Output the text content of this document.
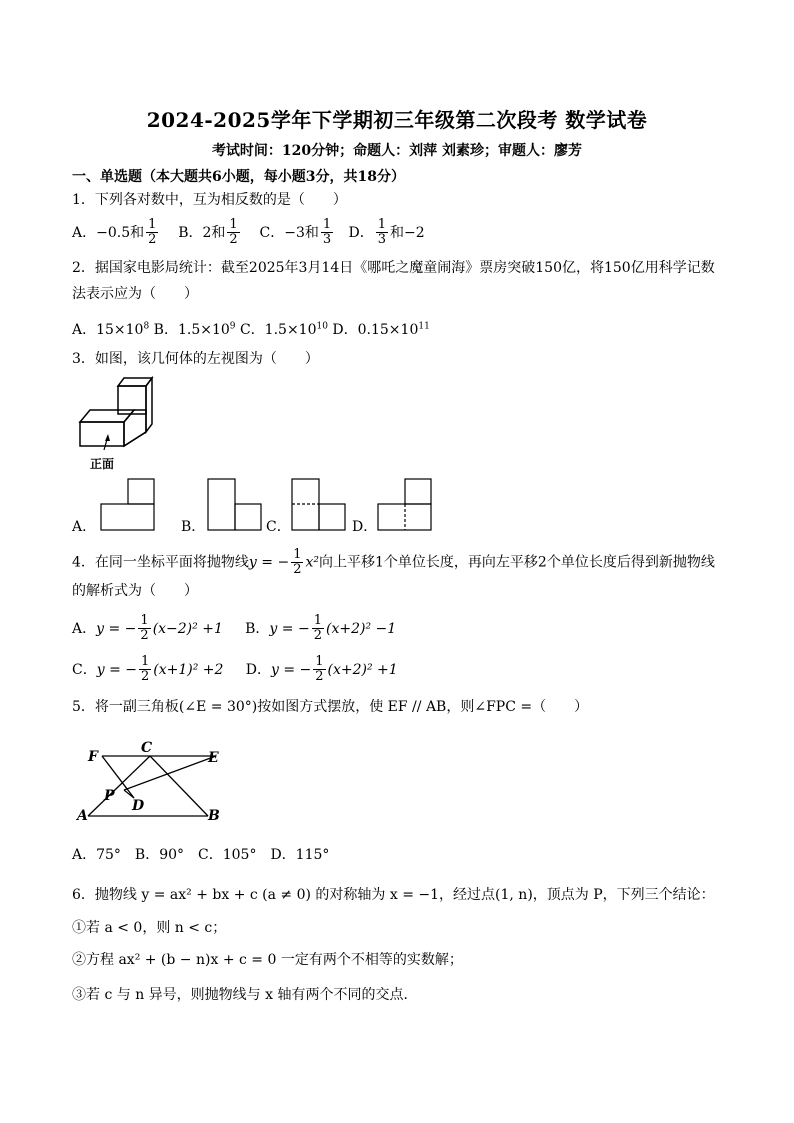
2024-2025学年下学期初三年级第二次段考 数学试卷
考试时间：120分钟；命题人：刘萍 刘素珍；审题人：廖芳
一、单选题（本大题共6小题，每小题3分，共18分）
1．下列各对数中，互为相反数的是（　　）
A．−0.5和 $\frac{1}{2}$ B．2和 $\frac{1}{2}$ C．−3和 $\frac{1}{3}$ D． $\frac{1}{3}$ 和−2
2．据国家电影局统计：截至2025年3月14日《哪吒之魔童闹海》票房突破150亿，将150亿用科学记数
法表示应为（　　）
A．$15\times 10^8$ B．$1.5\times 10^9$ C．$1.5\times 10^{10}$ D．$0.15\times 10^{11}$
3．如图，该几何体的左视图为（　　）
正面
A．	B．	C．	D．
4．在同一坐标平面将抛物线y = − $\frac{1}{2} x^2$向上平移1个单位长度，再向左平移2个单位长度后得到新抛物线
的解析式为（　　）
A．y = − $\frac{1}{2} (x-2)^2 +1$ B．y = − $\frac{1}{2} (x+2)^2 -1$
C．y = − $\frac{1}{2} (x+1)^2 +2$ D．y = − $\frac{1}{2} (x+2)^2 +1$
5．将一副三角板(∠E = 30°)按如图方式摆放，使 EF // AB，则∠FPC =（　　）
F
C
E
P
D
A	B
A．75°　B．90°　C．105°　D．115°
6．抛物线 y = ax² + bx + c (a ≠ 0) 的对称轴为 x = −1，经过点(1, n)，顶点为 P，下列三个结论：
①若 a < 0，则 n < c；
②方程 ax² + (b − n)x + c = 0 一定有两个不相等的实数解；
③若 c 与 n 异号，则抛物线与 x 轴有两个不同的交点．
